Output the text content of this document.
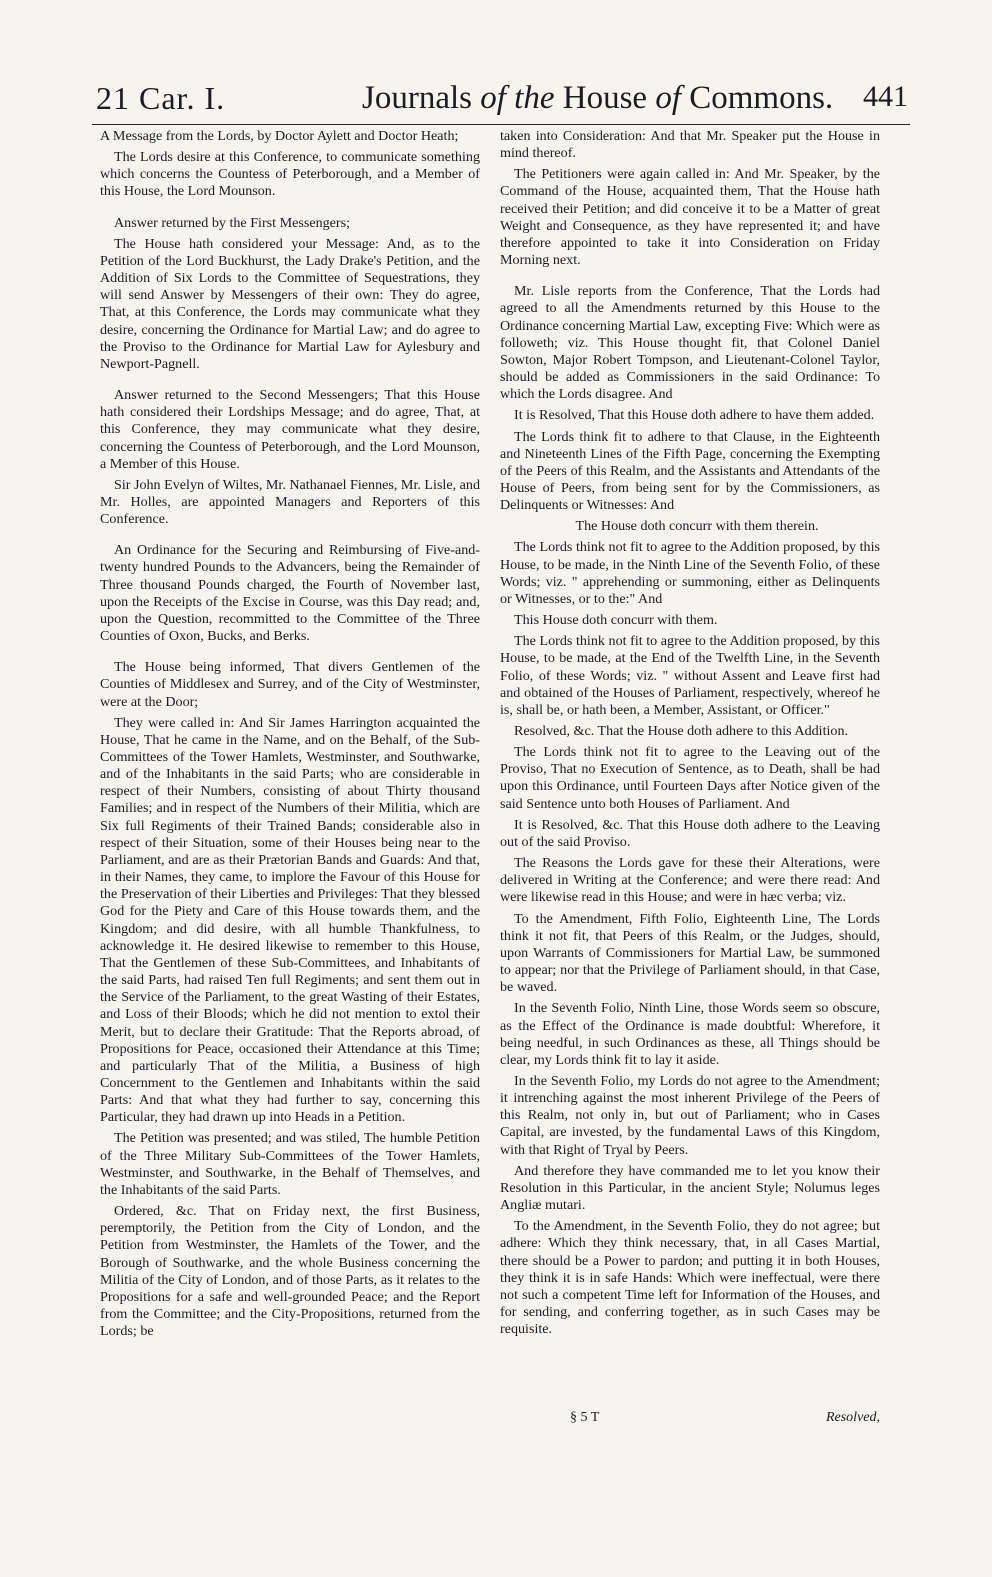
21 Car. I.	Journals of the House of Commons. 441

A Message from the Lords, by Doctor Aylett and Doctor Heath;

The Lords desire at this Conference, to communicate something which concerns the Countess of Peterborough, and a Member of this House, the Lord Mounson.

Answer returned by the First Messengers;

The House hath considered your Message: And, as to the Petition of the Lord Buckhurst, the Lady Drake's Petition, and the Addition of Six Lords to the Committee of Sequestrations, they will send Answer by Messengers of their own: They do agree, That, at this Conference, the Lords may communicate what they desire, concerning the Ordinance for Martial Law; and do agree to the Proviso to the Ordinance for Martial Law for Aylesbury and Newport-Pagnell.

Answer returned to the Second Messengers; That this House hath considered their Lordships Message; and do agree, That, at this Conference, they may communicate what they desire, concerning the Countess of Peterborough, and the Lord Mounson, a Member of this House.

Sir John Evelyn of Wiltes, Mr. Nathanael Fiennes, Mr. Lisle, and Mr. Holles, are appointed Managers and Reporters of this Conference.

An Ordinance for the Securing and Reimbursing of Five-and-twenty hundred Pounds to the Advancers, being the Remainder of Three thousand Pounds charged, the Fourth of November last, upon the Receipts of the Excise in Course, was this Day read; and, upon the Question, recommitted to the Committee of the Three Counties of Oxon, Bucks, and Berks.

The House being informed, That divers Gentlemen of the Counties of Middlesex and Surrey, and of the City of Westminster, were at the Door;

They were called in: And Sir James Harrington acquainted the House, That he came in the Name, and on the Behalf, of the Sub-Committees of the Tower Hamlets, Westminster, and Southwarke, and of the Inhabitants in the said Parts; who are considerable in respect of their Numbers, consisting of about Thirty thousand Families; and in respect of the Numbers of their Militia, which are Six full Regiments of their Trained Bands; considerable also in respect of their Situation, some of their Houses being near to the Parliament, and are as their Prætorian Bands and Guards: And that, in their Names, they came, to implore the Favour of this House for the Preservation of their Liberties and Privileges: That they blessed God for the Piety and Care of this House towards them, and the Kingdom; and did desire, with all humble Thankfulness, to acknowledge it. He desired likewise to remember to this House, That the Gentlemen of these Sub-Committees, and Inhabitants of the said Parts, had raised Ten full Regiments; and sent them out in the Service of the Parliament, to the great Wasting of their Estates, and Loss of their Bloods; which he did not mention to extol their Merit, but to declare their Gratitude: That the Reports abroad, of Propositions for Peace, occasioned their Attendance at this Time; and particularly That of the Militia, a Business of high Concernment to the Gentlemen and Inhabitants within the said Parts: And that what they had further to say, concerning this Particular, they had drawn up into Heads in a Petition.

The Petition was presented; and was stiled, The humble Petition of the Three Military Sub-Committees of the Tower Hamlets, Westminster, and Southwarke, in the Behalf of Themselves, and the Inhabitants of the said Parts.

Ordered, &c. That on Friday next, the first Business, peremptorily, the Petition from the City of London, and the Petition from Westminster, the Hamlets of the Tower, and the Borough of Southwarke, and the whole Business concerning the Militia of the City of London, and of those Parts, as it relates to the Propositions for a safe and well-grounded Peace; and the Report from the Committee; and the City-Propositions, returned from the Lords; be

taken into Consideration: And that Mr. Speaker put the House in mind thereof.

The Petitioners were again called in: And Mr. Speaker, by the Command of the House, acquainted them, That the House hath received their Petition; and did conceive it to be a Matter of great Weight and Consequence, as they have represented it; and have therefore appointed to take it into Consideration on Friday Morning next.

Mr. Lisle reports from the Conference, That the Lords had agreed to all the Amendments returned by this House to the Ordinance concerning Martial Law, excepting Five: Which were as followeth; viz. This House thought fit, that Colonel Daniel Sowton, Major Robert Tompson, and Lieutenant-Colonel Taylor, should be added as Commissioners in the said Ordinance: To which the Lords disagree. And

It is Resolved, That this House doth adhere to have them added.

The Lords think fit to adhere to that Clause, in the Eighteenth and Nineteenth Lines of the Fifth Page, concerning the Exempting of the Peers of this Realm, and the Assistants and Attendants of the House of Peers, from being sent for by the Commissioners, as Delinquents or Witnesses: And

The House doth concurr with them therein.

The Lords think not fit to agree to the Addition proposed, by this House, to be made, in the Ninth Line of the Seventh Folio, of these Words; viz. " apprehending or summoning, either as Delinquents or Witnesses, or to the:" And

This House doth concurr with them.

The Lords think not fit to agree to the Addition proposed, by this House, to be made, at the End of the Twelfth Line, in the Seventh Folio, of these Words; viz. " without Assent and Leave first had and obtained of the Houses of Parliament, respectively, whereof he is, shall be, or hath been, a Member, Assistant, or Officer."

Resolved, &c. That the House doth adhere to this Addition.

The Lords think not fit to agree to the Leaving out of the Proviso, That no Execution of Sentence, as to Death, shall be had upon this Ordinance, until Fourteen Days after Notice given of the said Sentence unto both Houses of Parliament. And

It is Resolved, &c. That this House doth adhere to the Leaving out of the said Proviso.

The Reasons the Lords gave for these their Alterations, were delivered in Writing at the Conference; and were there read: And were likewise read in this House; and were in hæc verba; viz.

To the Amendment, Fifth Folio, Eighteenth Line, The Lords think it not fit, that Peers of this Realm, or the Judges, should, upon Warrants of Commissioners for Martial Law, be summoned to appear; nor that the Privilege of Parliament should, in that Case, be waved.

In the Seventh Folio, Ninth Line, those Words seem so obscure, as the Effect of the Ordinance is made doubtful: Wherefore, it being needful, in such Ordinances as these, all Things should be clear, my Lords think fit to lay it aside.

In the Seventh Folio, my Lords do not agree to the Amendment; it intrenching against the most inherent Privilege of the Peers of this Realm, not only in, but out of Parliament; who in Cases Capital, are invested, by the fundamental Laws of this Kingdom, with that Right of Tryal by Peers.

And therefore they have commanded me to let you know their Resolution in this Particular, in the ancient Style; Nolumus leges Angliæ mutari.

To the Amendment, in the Seventh Folio, they do not agree; but adhere: Which they think necessary, that, in all Cases Martial, there should be a Power to pardon; and putting it in both Houses, they think it is in safe Hands: Which were ineffectual, were there not such a competent Time left for Information of the Houses, and for sending, and conferring together, as in such Cases may be requisite.

§ 5 T	Resolved,
